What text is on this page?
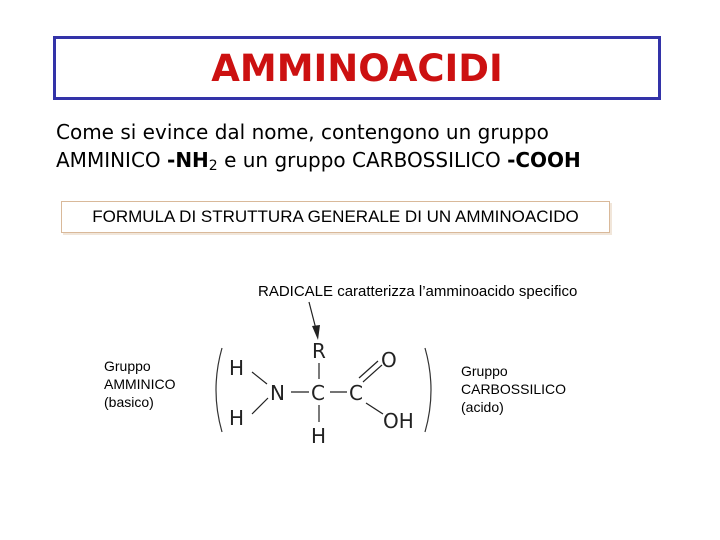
AMMINOACIDI
Come si evince dal nome, contengono un gruppo
AMMINICO $-NH_2$ e un gruppo CARBOSSILICO -COOH
FORMULA DI STRUTTURA GENERALE DI UN AMMINOACIDO
RADICALE caratterizza l’amminoacido specifico
Gruppo
AMMINICO
(basico)
Gruppo
CARBOSSILICO
(acido)
H
H
N
R
C
H
C
O
OH
